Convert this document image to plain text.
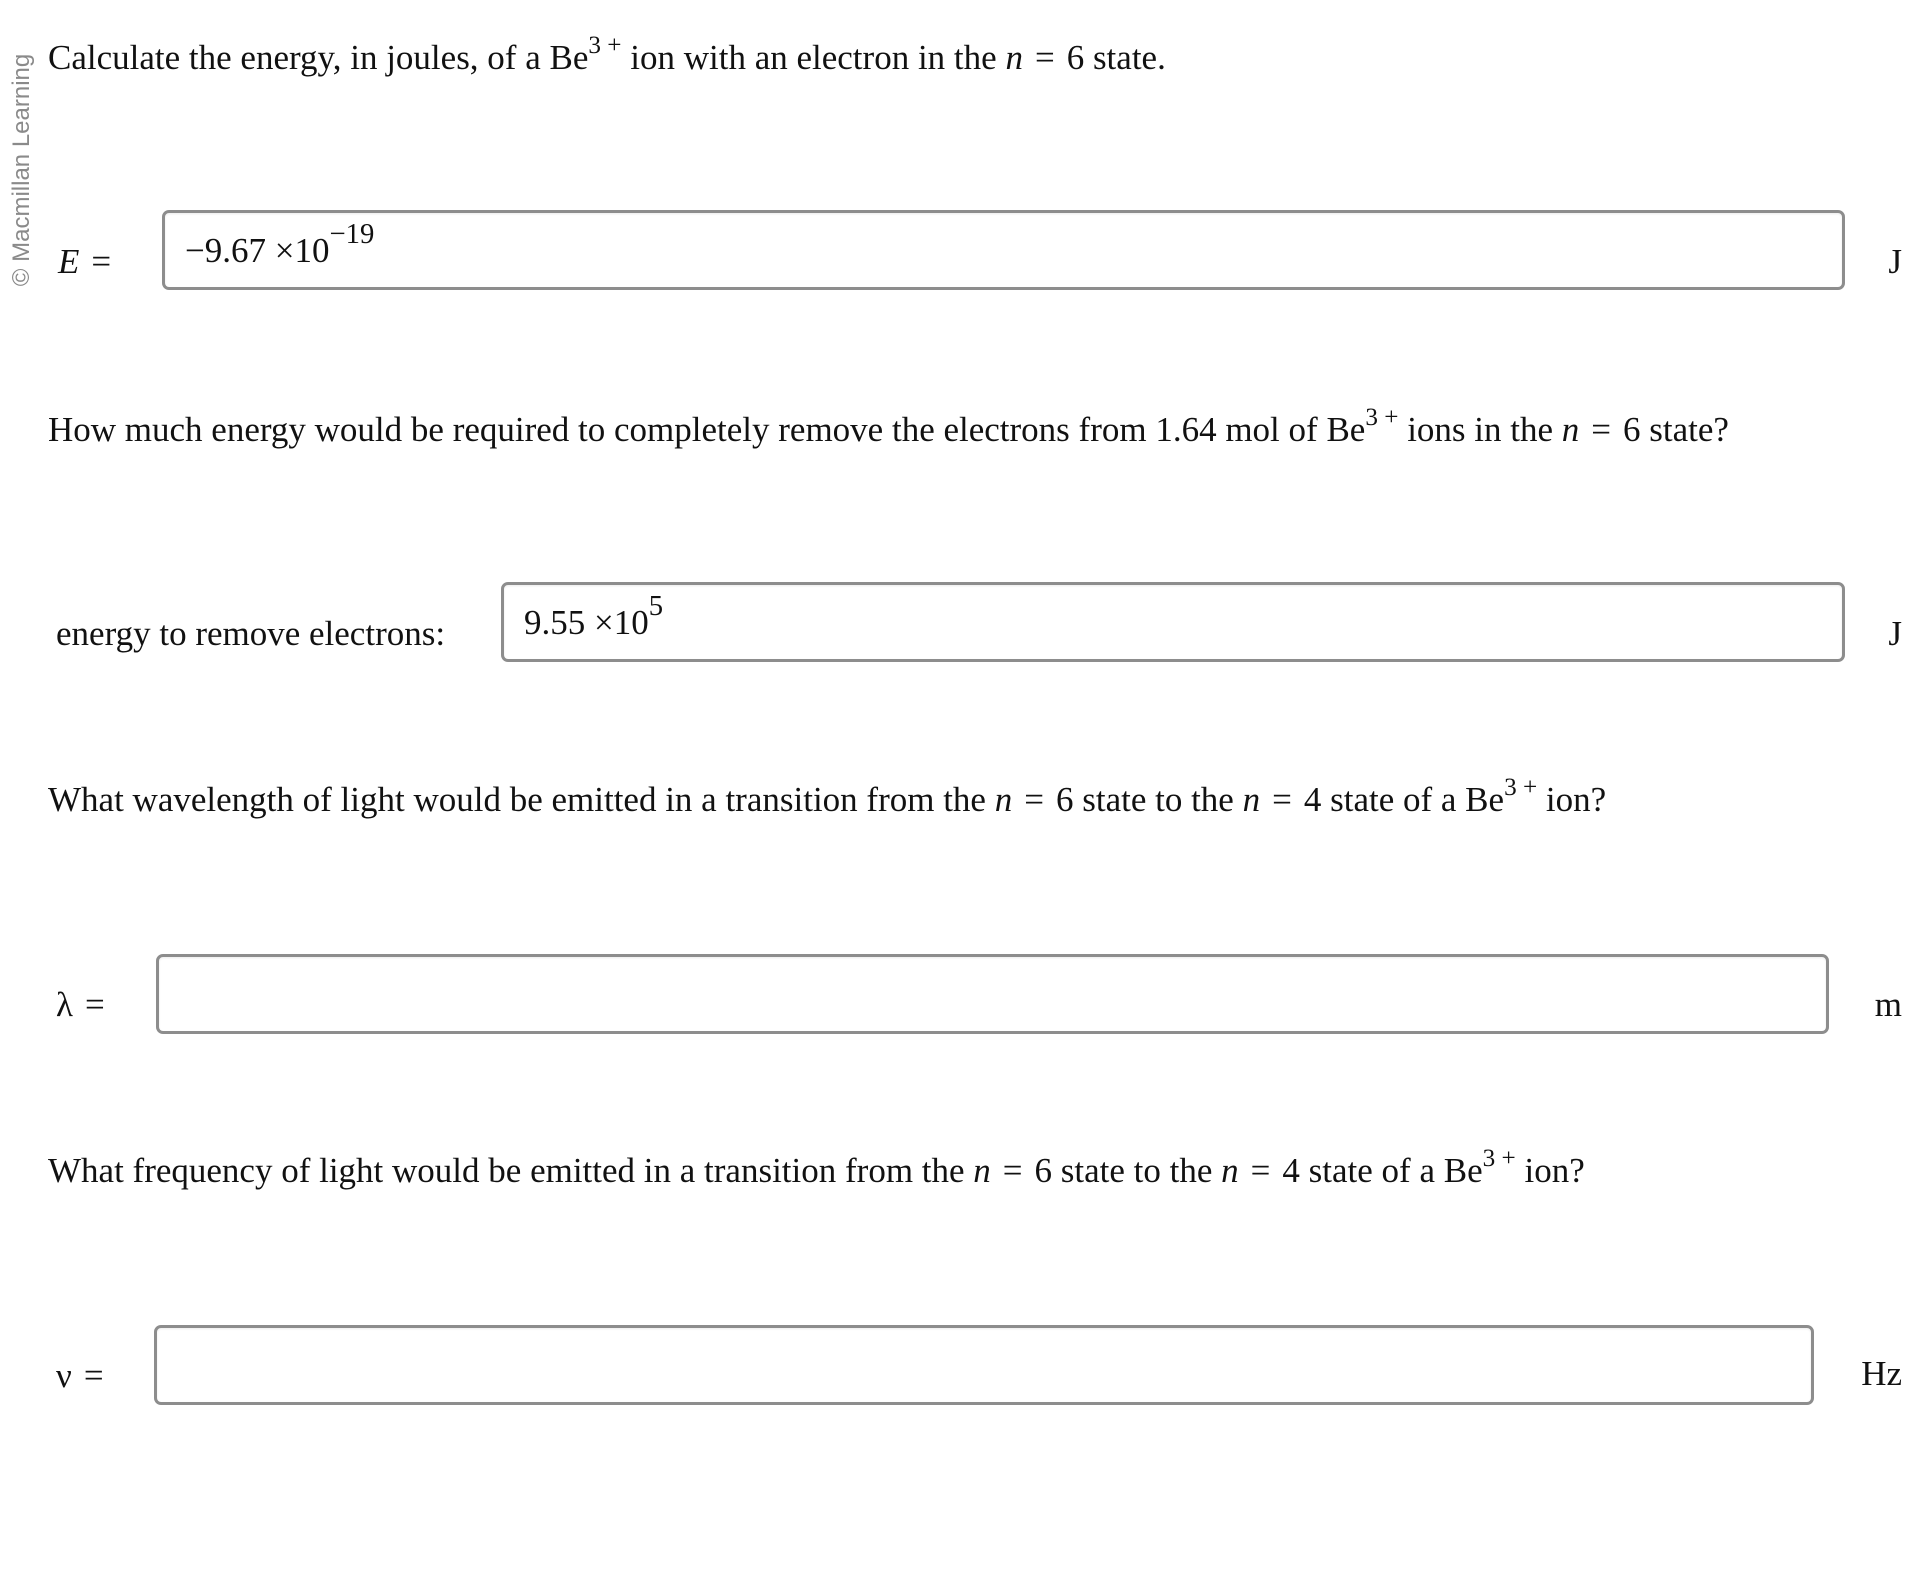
© Macmillan Learning Calculate the energy, in joules, of a $Be^{3 +}$ ion with an electron in the n = 6 state.
E =	−9.67 ×10−19
J
How much energy would be required to completely remove the electrons from 1.64 mol of $Be^{3 +}$ ions in the n = 6 state?
energy to remove electrons: 9.55 ×105
J
What wavelength of light would be emitted in a transition from the n = 6 state to the n = 4 state of a $Be^{3 +}$ ion?
λ =	m
What frequency of light would be emitted in a transition from the n = 6 state to the n = 4 state of a $Be^{3 +}$ ion?
ν =	Hz
